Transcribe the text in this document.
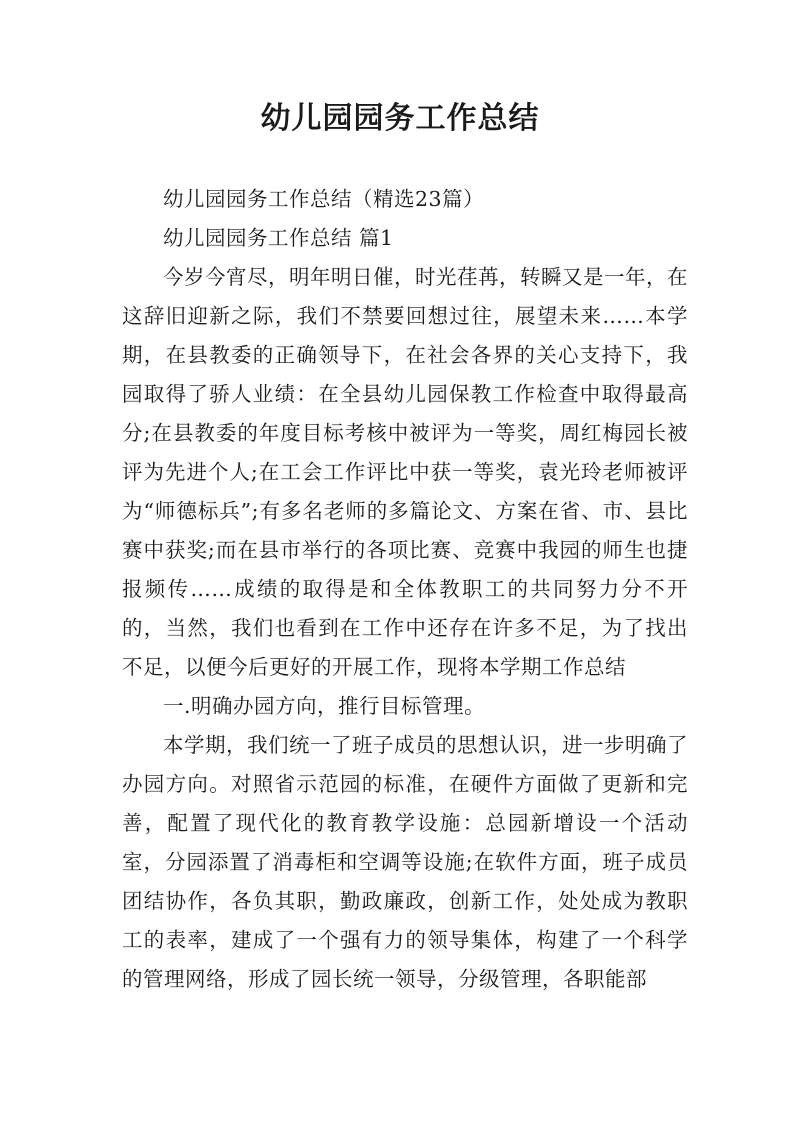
幼儿园园务工作总结

幼儿园园务工作总结（精选23篇）

幼儿园园务工作总结 篇1

今岁今宵尽，明年明日催，时光荏苒，转瞬又是一年，在这辞旧迎新之际，我们不禁要回想过往，展望未来……本学期，在县教委的正确领导下，在社会各界的关心支持下，我园取得了骄人业绩：在全县幼儿园保教工作检查中取得最高分;在县教委的年度目标考核中被评为一等奖，周红梅园长被评为先进个人;在工会工作评比中获一等奖，袁光玲老师被评为“师德标兵”;有多名老师的多篇论文、方案在省、市、县比赛中获奖;而在县市举行的各项比赛、竞赛中我园的师生也捷报频传……成绩的取得是和全体教职工的共同努力分不开的，当然，我们也看到在工作中还存在许多不足，为了找出不足，以便今后更好的开展工作，现将本学期工作总结

一.明确办园方向，推行目标管理。

本学期，我们统一了班子成员的思想认识，进一步明确了办园方向。对照省示范园的标准，在硬件方面做了更新和完善，配置了现代化的教育教学设施：总园新增设一个活动室，分园添置了消毒柜和空调等设施;在软件方面，班子成员团结协作，各负其职，勤政廉政，创新工作，处处成为教职工的表率，建成了一个强有力的领导集体，构建了一个科学的管理网络，形成了园长统一领导，分级管理，各职能部
